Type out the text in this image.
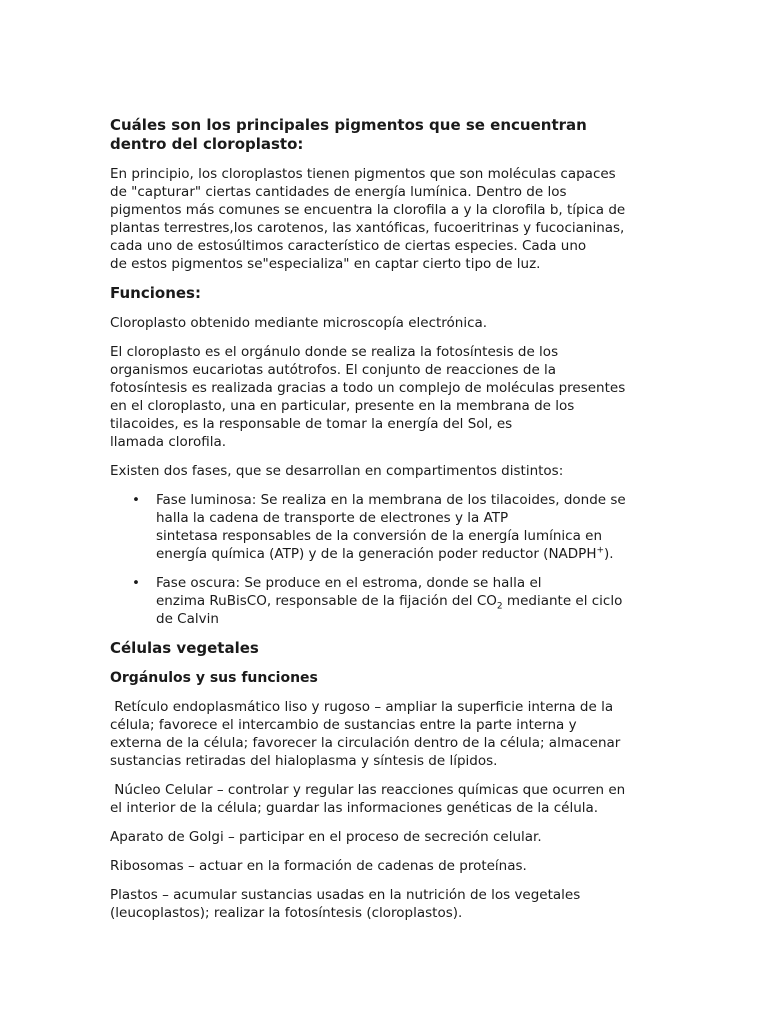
Cuáles son los principales pigmentos que se encuentran
dentro del cloroplasto:
En principio, los cloroplastos tienen pigmentos que son moléculas capaces
de "capturar" ciertas cantidades de energía lumínica. Dentro de los
pigmentos más comunes se encuentra la clorofila a y la clorofila b, típica de
plantas terrestres,los carotenos, las xantóficas, fucoeritrinas y fucocianinas,
cada uno de estosúltimos característico de ciertas especies. Cada uno
de estos pigmentos se"especializa" en captar cierto tipo de luz.
Funciones:
Cloroplasto obtenido mediante microscopía electrónica.
El cloroplasto es el orgánulo donde se realiza la fotosíntesis de los
organismos eucariotas autótrofos. El conjunto de reacciones de la
fotosíntesis es realizada gracias a todo un complejo de moléculas presentes
en el cloroplasto, una en particular, presente en la membrana de los
tilacoides, es la responsable de tomar la energía del Sol, es
llamada clorofila.
Existen dos fases, que se desarrollan en compartimentos distintos:
• Fase luminosa: Se realiza en la membrana de los tilacoides, donde se
halla la cadena de transporte de electrones y la ATP
sintetasa responsables de la conversión de la energía lumínica en
energía química (ATP) y de la generación poder reductor (NADPH+).
• Fase oscura: Se produce en el estroma, donde se halla el
enzima RuBisCO, responsable de la fijación del $CO_2$ mediante el ciclo
de Calvin
Células vegetales
Orgánulos y sus funciones
Retículo endoplasmático liso y rugoso – ampliar la superficie interna de la
célula; favorece el intercambio de sustancias entre la parte interna y
externa de la célula; favorecer la circulación dentro de la célula; almacenar
sustancias retiradas del hialoplasma y síntesis de lípidos.
Núcleo Celular – controlar y regular las reacciones químicas que ocurren en
el interior de la célula; guardar las informaciones genéticas de la célula.
Aparato de Golgi – participar en el proceso de secreción celular.
Ribosomas – actuar en la formación de cadenas de proteínas.
Plastos – acumular sustancias usadas en la nutrición de los vegetales
(leucoplastos); realizar la fotosíntesis (cloroplastos).
